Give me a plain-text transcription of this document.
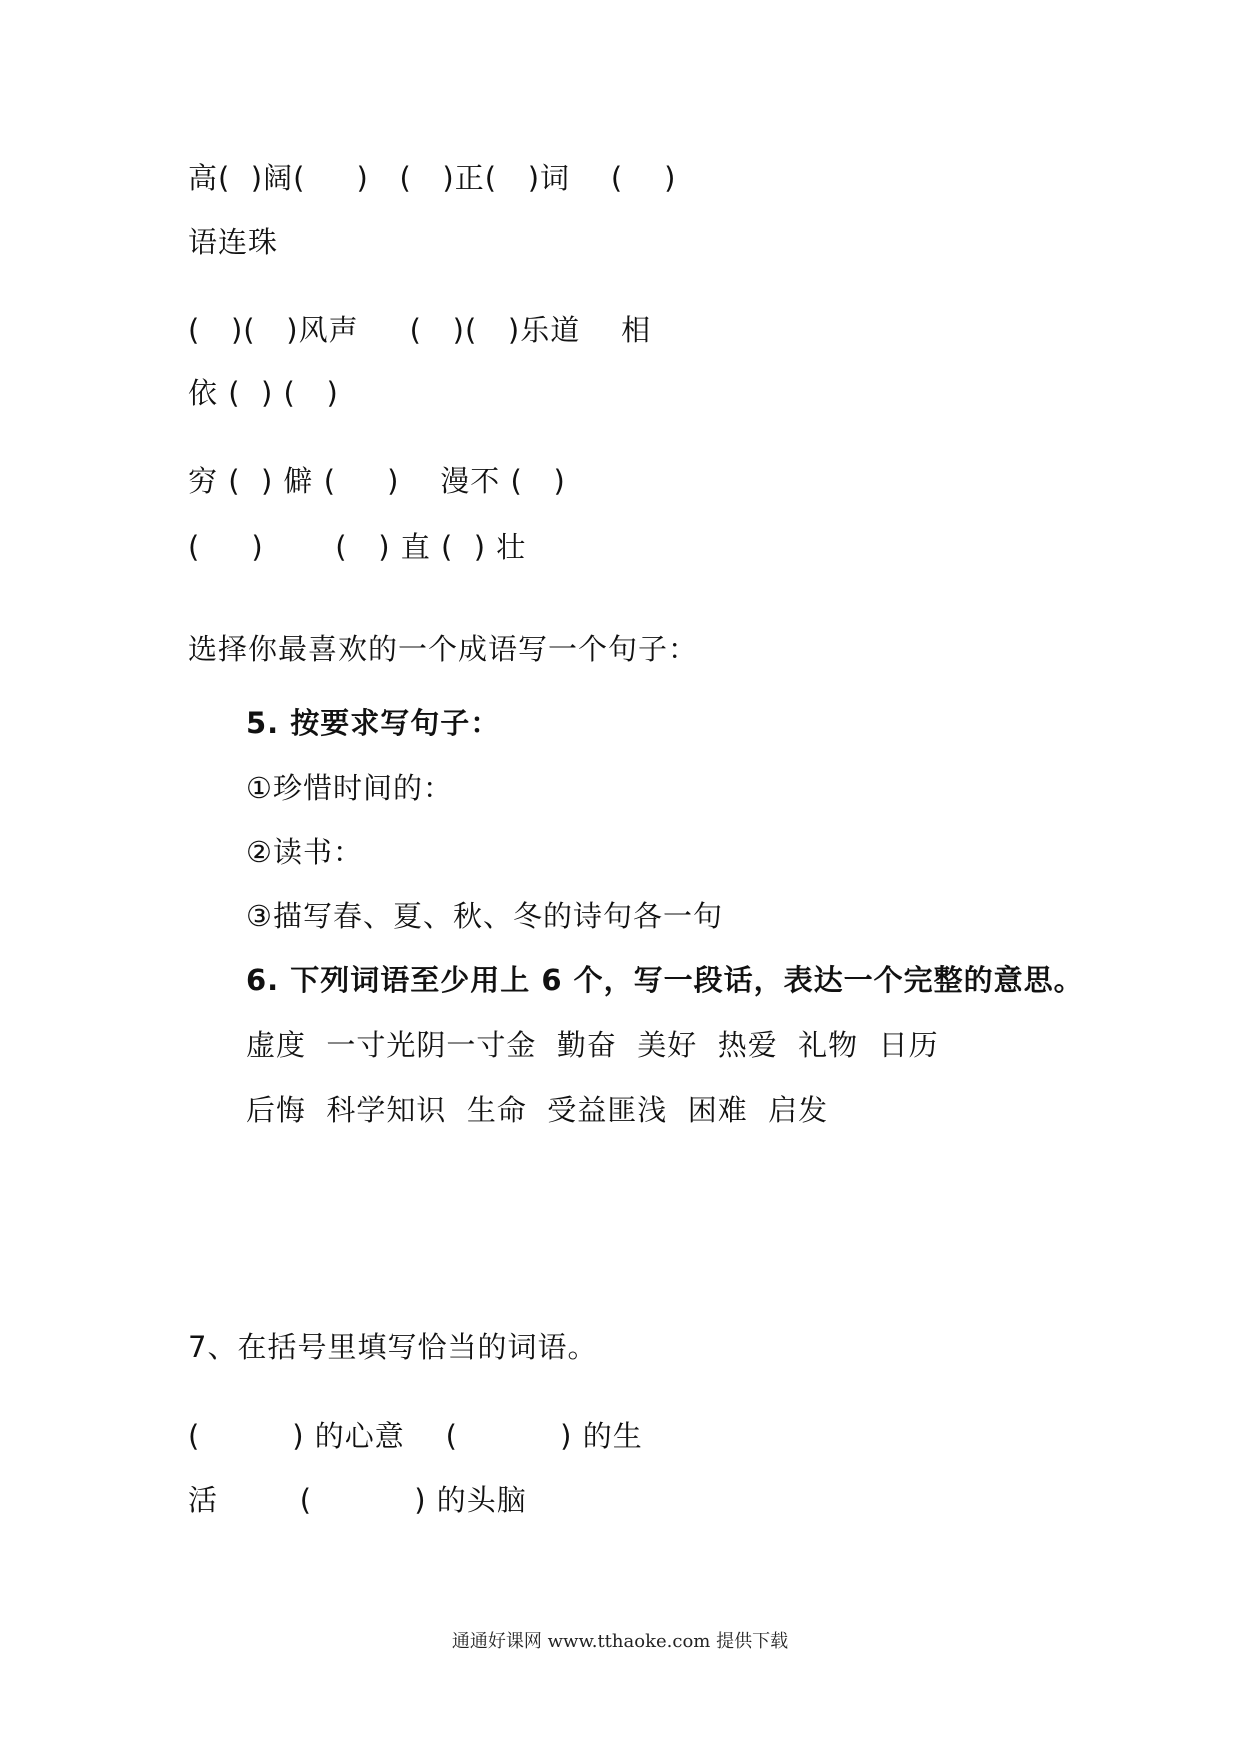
高(  )阔(     )   (   )正(   )词    (    )
语连珠
(   )(   )风声     (   )(   )乐道    相
依 (  ) (   )
穷 (  ) 僻 (     )    漫不 (   )
(     )       (   ) 直 (  ) 壮
选择你最喜欢的一个成语写一个句子：
5. 按要求写句子：
①珍惜时间的：
②读书：
③描写春、夏、秋、冬的诗句各一句
6. 下列词语至少用上 6 个，写一段话，表达一个完整的意思。
虚度  一寸光阴一寸金  勤奋  美好  热爱  礼物  日历
后悔  科学知识  生命  受益匪浅  困难  启发
7、在括号里填写恰当的词语。
(         ) 的心意    (          ) 的生
活        (          ) 的头脑
通通好课网 www.tthaoke.com 提供下载
